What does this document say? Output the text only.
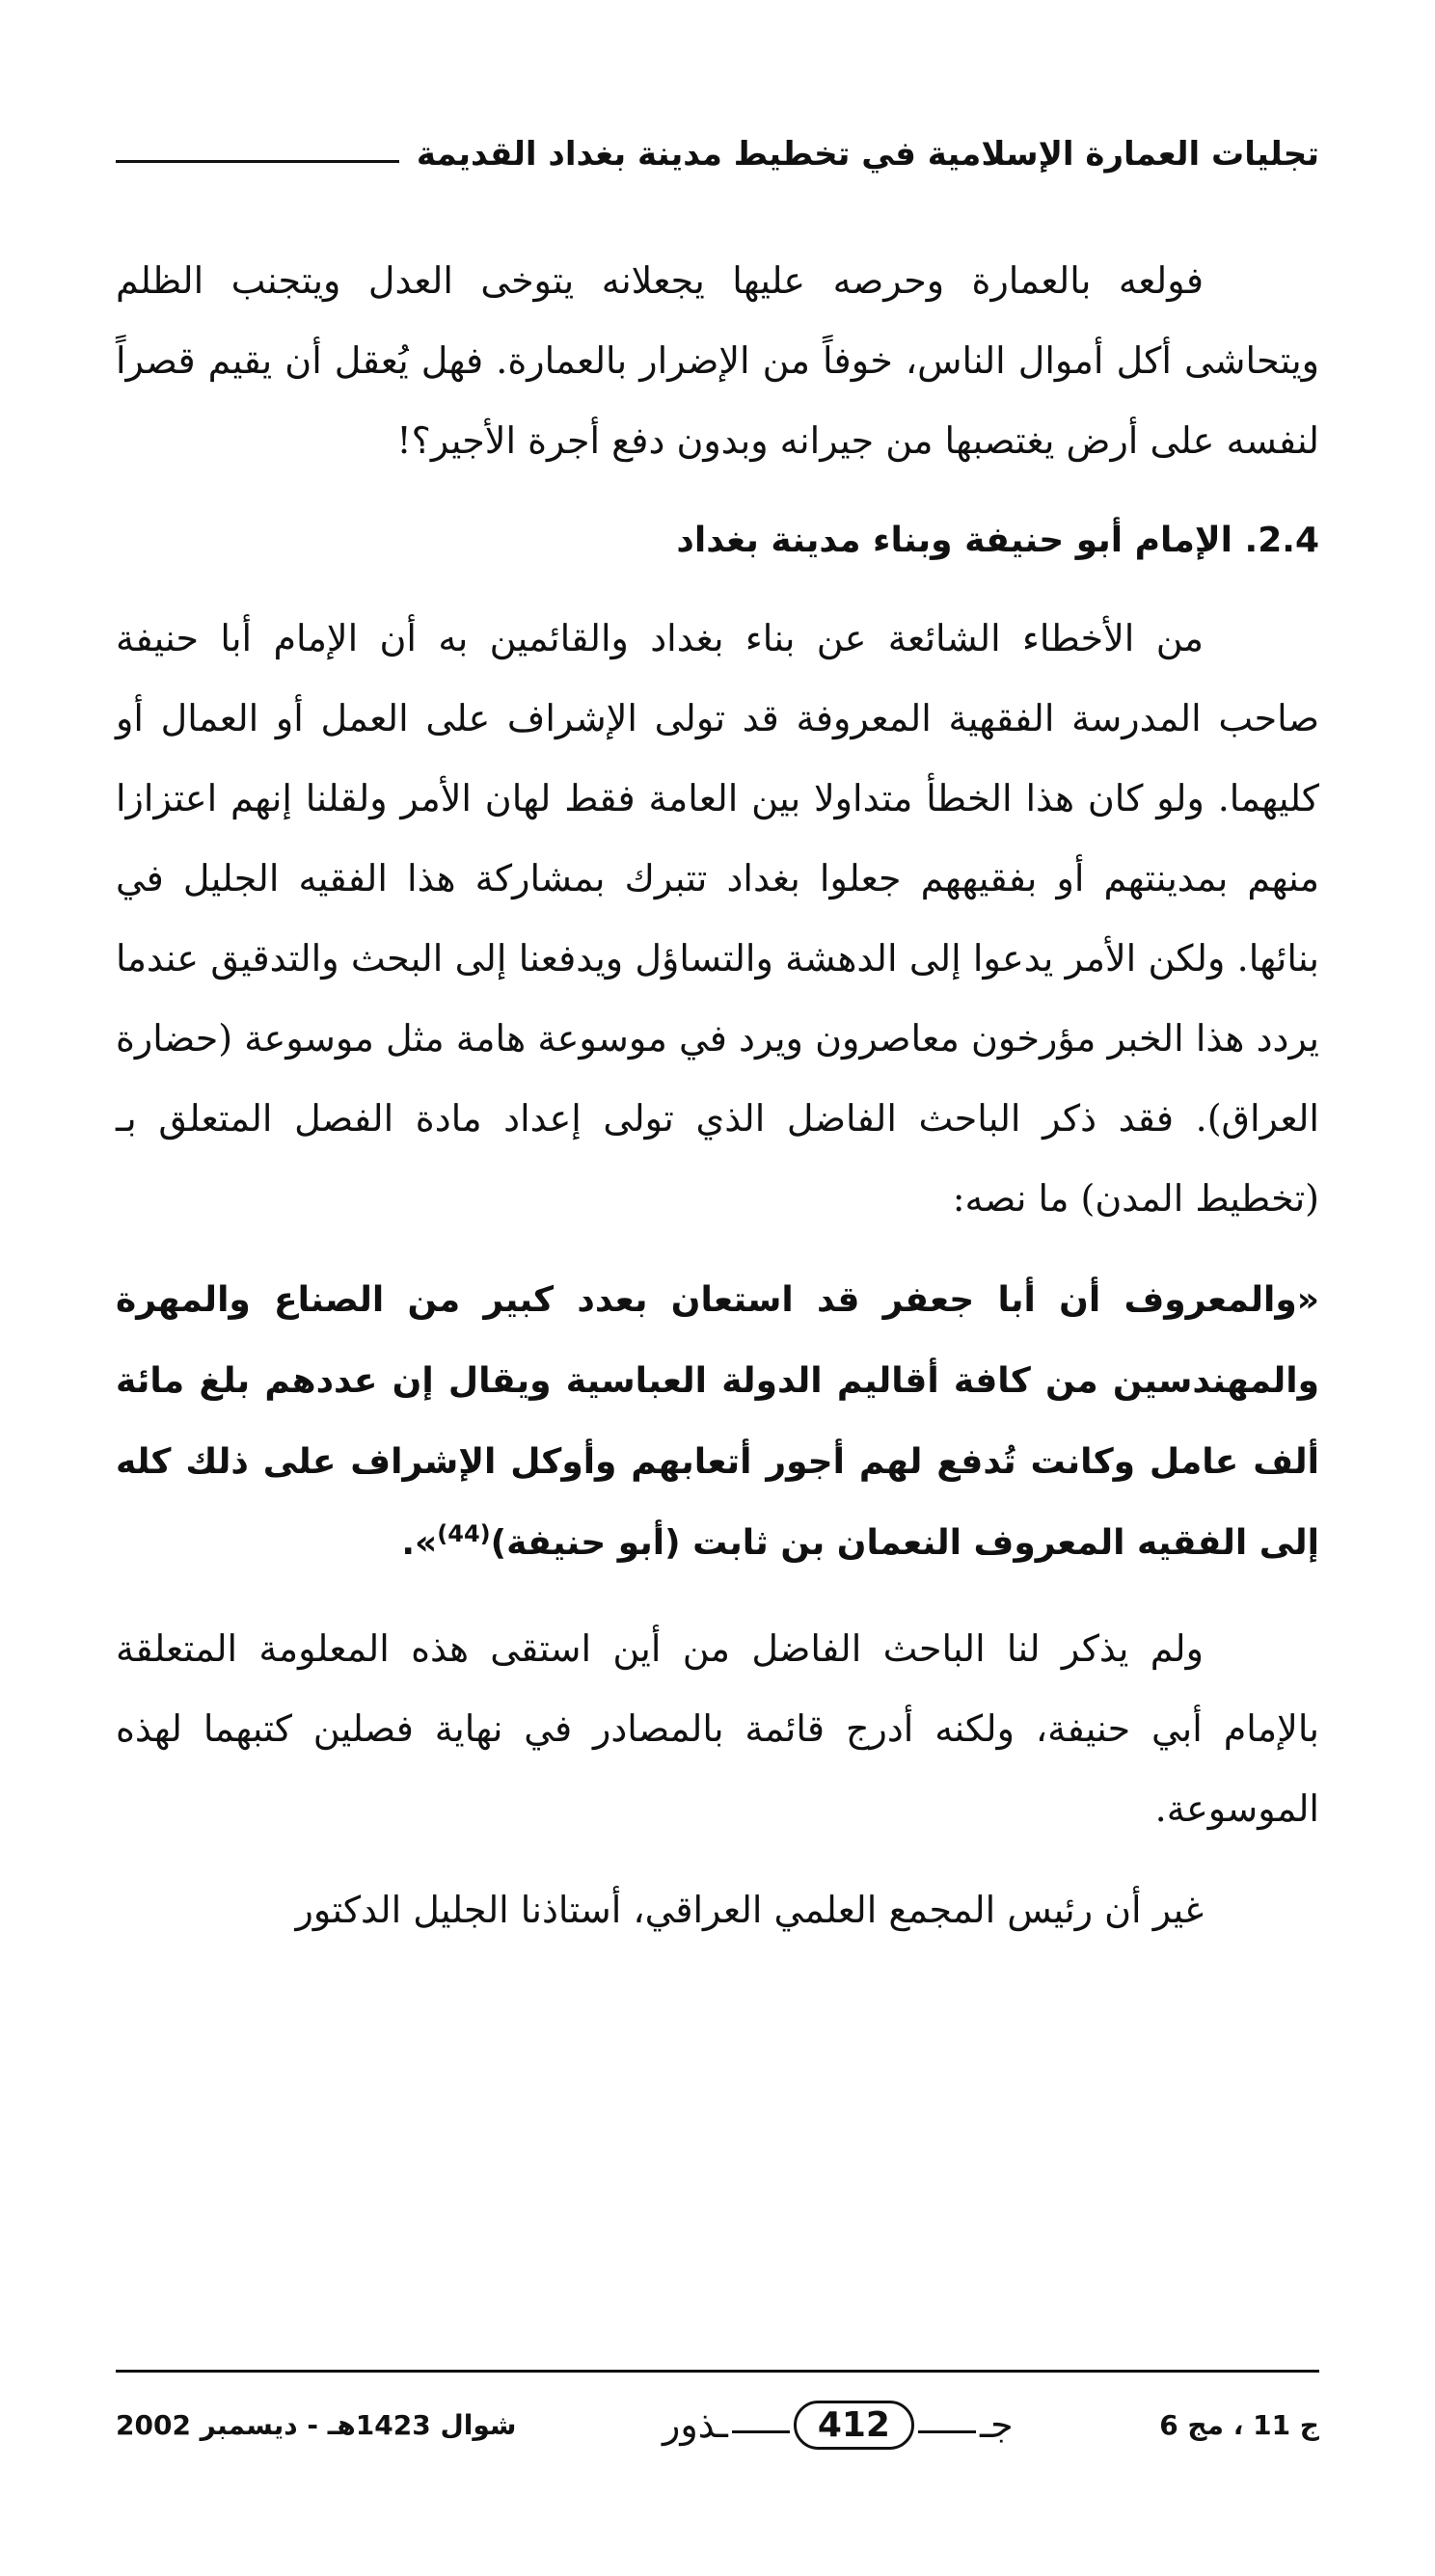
تجليات العمارة الإسلامية في تخطيط مدينة بغداد القديمة

فولعه بالعمارة وحرصه عليها يجعلانه يتوخى العدل ويتجنب الظلم ويتحاشى أكل أموال الناس، خوفاً من الإضرار بالعمارة. فهل يُعقل أن يقيم قصراً لنفسه على أرض يغتصبها من جيرانه وبدون دفع أجرة الأجير؟!

2.4. الإمام أبو حنيفة وبناء مدينة بغداد

من الأخطاء الشائعة عن بناء بغداد والقائمين به أن الإمام أبا حنيفة صاحب المدرسة الفقهية المعروفة قد تولى الإشراف على العمل أو العمال أو كليهما. ولو كان هذا الخطأ متداولا بين العامة فقط لهان الأمر ولقلنا إنهم اعتزازا منهم بمدينتهم أو بفقيههم جعلوا بغداد تتبرك بمشاركة هذا الفقيه الجليل في بنائها. ولكن الأمر يدعوا إلى الدهشة والتساؤل ويدفعنا إلى البحث والتدقيق عندما يردد هذا الخبر مؤرخون معاصرون ويرد في موسوعة هامة مثل موسوعة (حضارة العراق). فقد ذكر الباحث الفاضل الذي تولى إعداد مادة الفصل المتعلق بـ (تخطيط المدن) ما نصه:

«والمعروف أن أبا جعفر قد استعان بعدد كبير من الصناع والمهرة والمهندسين من كافة أقاليم الدولة العباسية ويقال إن عددهم بلغ مائة ألف عامل وكانت تُدفع لهم أجور أتعابهم وأوكل الإشراف على ذلك كله إلى الفقيه المعروف النعمان بن ثابت (أبو حنيفة)$^{(44)}$».

ولم يذكر لنا الباحث الفاضل من أين استقى هذه المعلومة المتعلقة بالإمام أبي حنيفة، ولكنه أدرج قائمة بالمصادر في نهاية فصلين كتبهما لهذه الموسوعة.

غير أن رئيس المجمع العلمي العراقي، أستاذنا الجليل الدكتور

ج 11 ، مج 6
جـ
412
ـذور
شوال 1423هـ - ديسمبر 2002
